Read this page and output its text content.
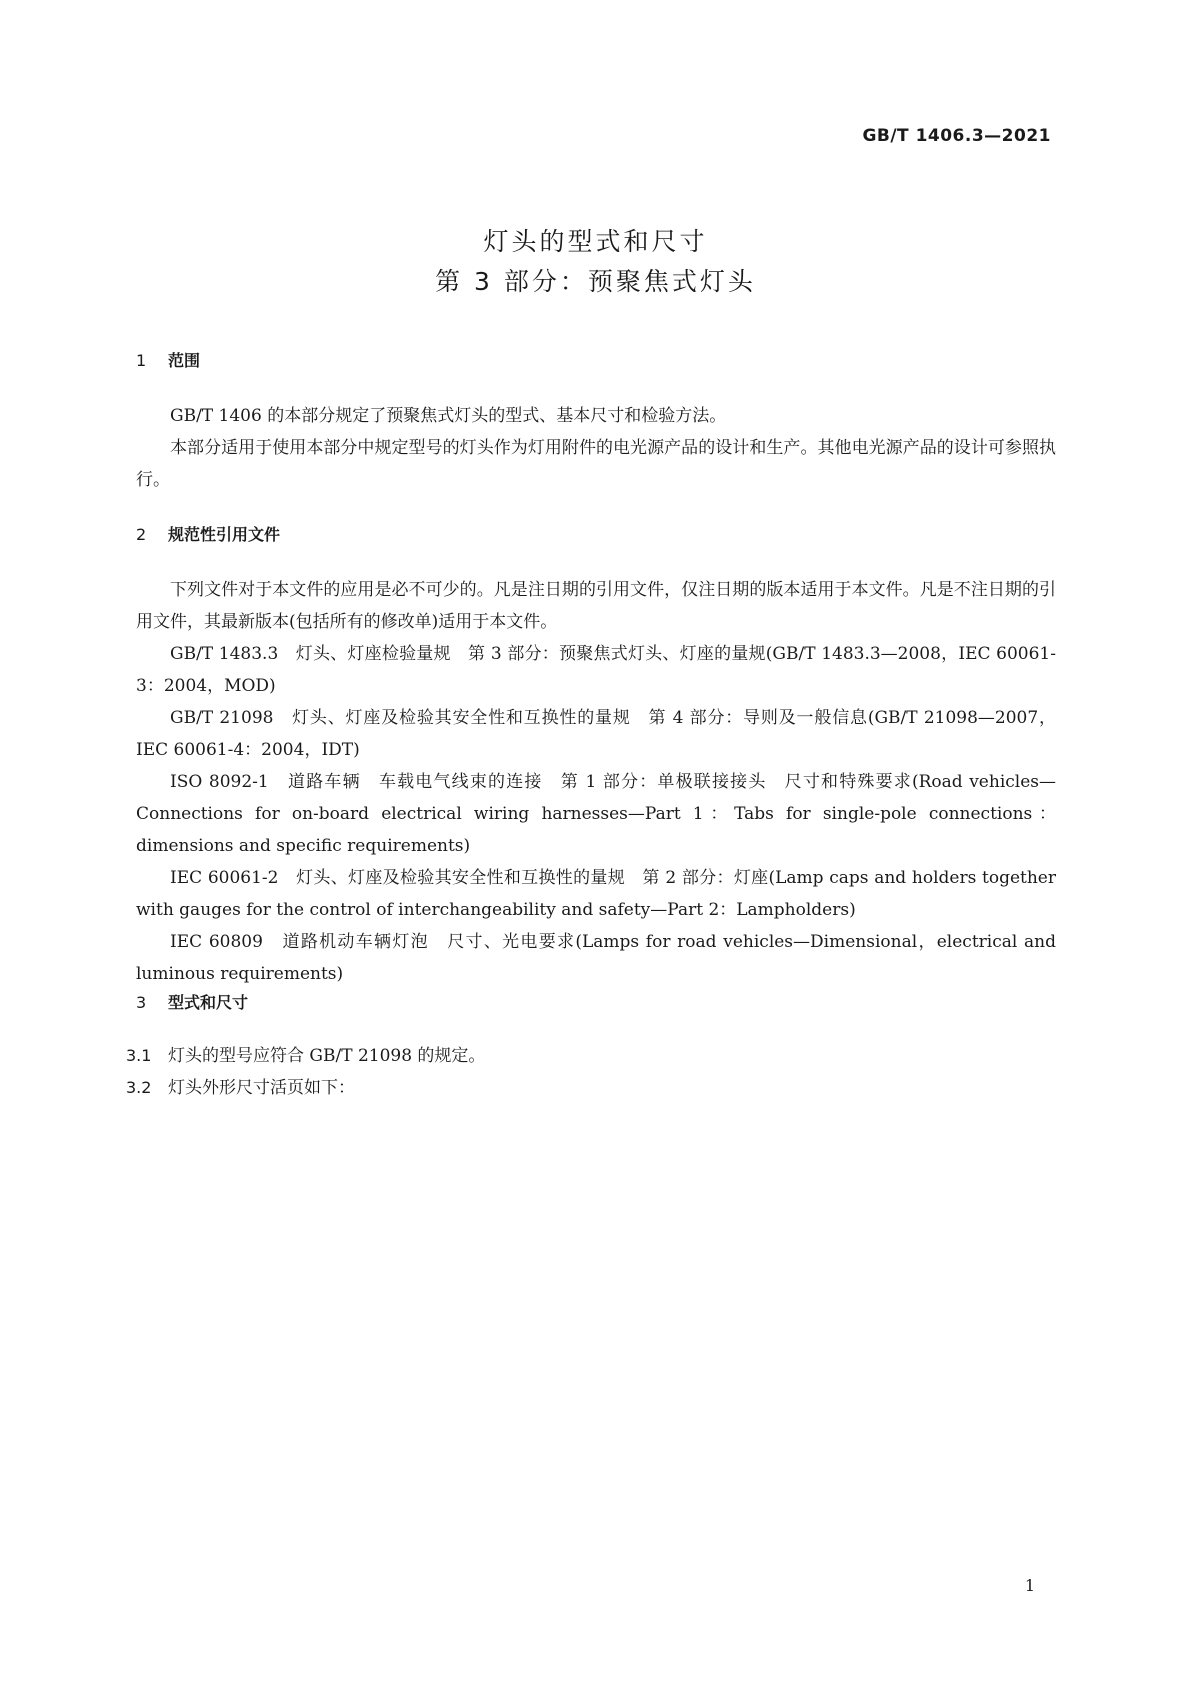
GB/T 1406.3—2021
灯头的型式和尺寸
第 3 部分：预聚焦式灯头
1 范围

GB/T 1406 的本部分规定了预聚焦式灯头的型式、基本尺寸和检验方法。

本部分适用于使用本部分中规定型号的灯头作为灯用附件的电光源产品的设计和生产。其他电光源产品的设计可参照执行。

2 规范性引用文件

下列文件对于本文件的应用是必不可少的。凡是注日期的引用文件，仅注日期的版本适用于本文件。凡是不注日期的引用文件，其最新版本(包括所有的修改单)适用于本文件。

GB/T 1483.3　灯头、灯座检验量规　第 3 部分：预聚焦式灯头、灯座的量规(GB/T 1483.3—2008，IEC 60061-3：2004，MOD)

GB/T 21098　灯头、灯座及检验其安全性和互换性的量规　第 4 部分：导则及一般信息(GB/T 21098—2007，IEC 60061-4：2004，IDT)

ISO 8092-1　道路车辆　车载电气线束的连接　第 1 部分：单极联接接头　尺寸和特殊要求(Road vehicles—Connections for on-board electrical wiring harnesses—Part 1：Tabs for single-pole connections：dimensions and specific requirements)

IEC 60061-2　灯头、灯座及检验其安全性和互换性的量规　第 2 部分：灯座(Lamp caps and holders together with gauges for the control of interchangeability and safety—Part 2：Lampholders)

IEC 60809　道路机动车辆灯泡　尺寸、光电要求(Lamps for road vehicles—Dimensional，electrical and luminous requirements)

3 型式和尺寸

3.1 灯头的型号应符合 GB/T 21098 的规定。

3.2 灯头外形尺寸活页如下：

1
